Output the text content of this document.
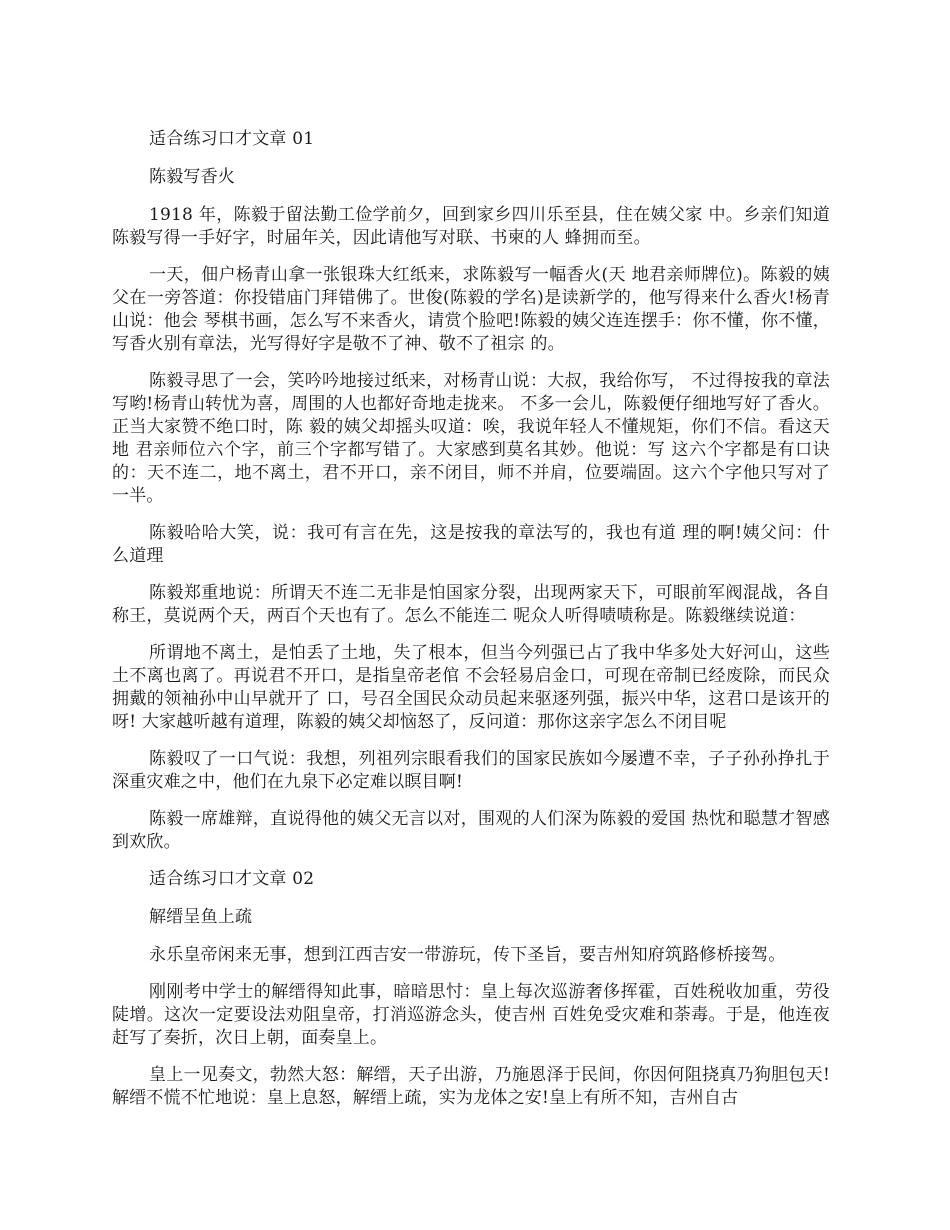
适合练习口才文章 01

陈毅写香火

1918 年，陈毅于留法勤工俭学前夕，回到家乡四川乐至县，住在姨父家 中。乡亲们知道陈毅写得一手好字，时届年关，因此请他写对联、书柬的人 蜂拥而至。

一天，佃户杨青山拿一张银珠大红纸来，求陈毅写一幅香火(天 地君亲师牌位)。陈毅的姨父在一旁答道：你投错庙门拜错佛了。世俊(陈毅的学名)是读新学的，他写得来什么香火!杨青山说：他会 琴棋书画，怎么写不来香火，请赏个脸吧!陈毅的姨父连连摆手：你不懂，你不懂，写香火别有章法，光写得好字是敬不了神、敬不了祖宗 的。

陈毅寻思了一会，笑吟吟地接过纸来，对杨青山说：大叔，我给你写， 不过得按我的章法写哟!杨青山转忧为喜，周围的人也都好奇地走拢来。 不多一会儿，陈毅便仔细地写好了香火。正当大家赞不绝口时，陈 毅的姨父却摇头叹道：唉，我说年轻人不懂规矩，你们不信。看这天地 君亲师位六个字，前三个字都写错了。大家感到莫名其妙。他说：写 这六个字都是有口诀的：天不连二，地不离土，君不开口，亲不闭目，师不并肩，位要端固。这六个字他只写对了一半。

陈毅哈哈大笑，说：我可有言在先，这是按我的章法写的，我也有道 理的啊!姨父问：什么道理

陈毅郑重地说：所谓天不连二无非是怕国家分裂，出现两家天下，可眼前军阀混战，各自称王，莫说两个天，两百个天也有了。怎么不能连二 呢众人听得啧啧称是。陈毅继续说道：

所谓地不离土，是怕丢了土地，失了根本，但当今列强已占了我中华多处大好河山，这些土不离也离了。再说君不开口，是指皇帝老倌 不会轻易启金口，可现在帝制已经废除，而民众拥戴的领袖孙中山早就开了 口，号召全国民众动员起来驱逐列强，振兴中华，这君口是该开的呀! 大家越听越有道理，陈毅的姨父却恼怒了，反问道：那你这亲字怎么不闭目呢

陈毅叹了一口气说：我想，列祖列宗眼看我们的国家民族如今屡遭不幸，子子孙孙挣扎于深重灾难之中，他们在九泉下必定难以瞑目啊!

陈毅一席雄辩，直说得他的姨父无言以对，围观的人们深为陈毅的爱国 热忱和聪慧才智感到欢欣。

适合练习口才文章 02

解缙呈鱼上疏

永乐皇帝闲来无事，想到江西吉安一带游玩，传下圣旨，要吉州知府筑路修桥接驾。

刚刚考中学士的解缙得知此事，暗暗思忖：皇上每次巡游奢侈挥霍，百姓税收加重，劳役陡增。这次一定要设法劝阻皇帝，打消巡游念头，使吉州 百姓免受灾难和荼毒。于是，他连夜赶写了奏折，次日上朝，面奏皇上。

皇上一见奏文，勃然大怒：解缙，天子出游，乃施恩泽于民间，你因何阻挠真乃狗胆包天! 解缙不慌不忙地说：皇上息怒，解缙上疏，实为龙体之安!皇上有所不知，吉州自古
